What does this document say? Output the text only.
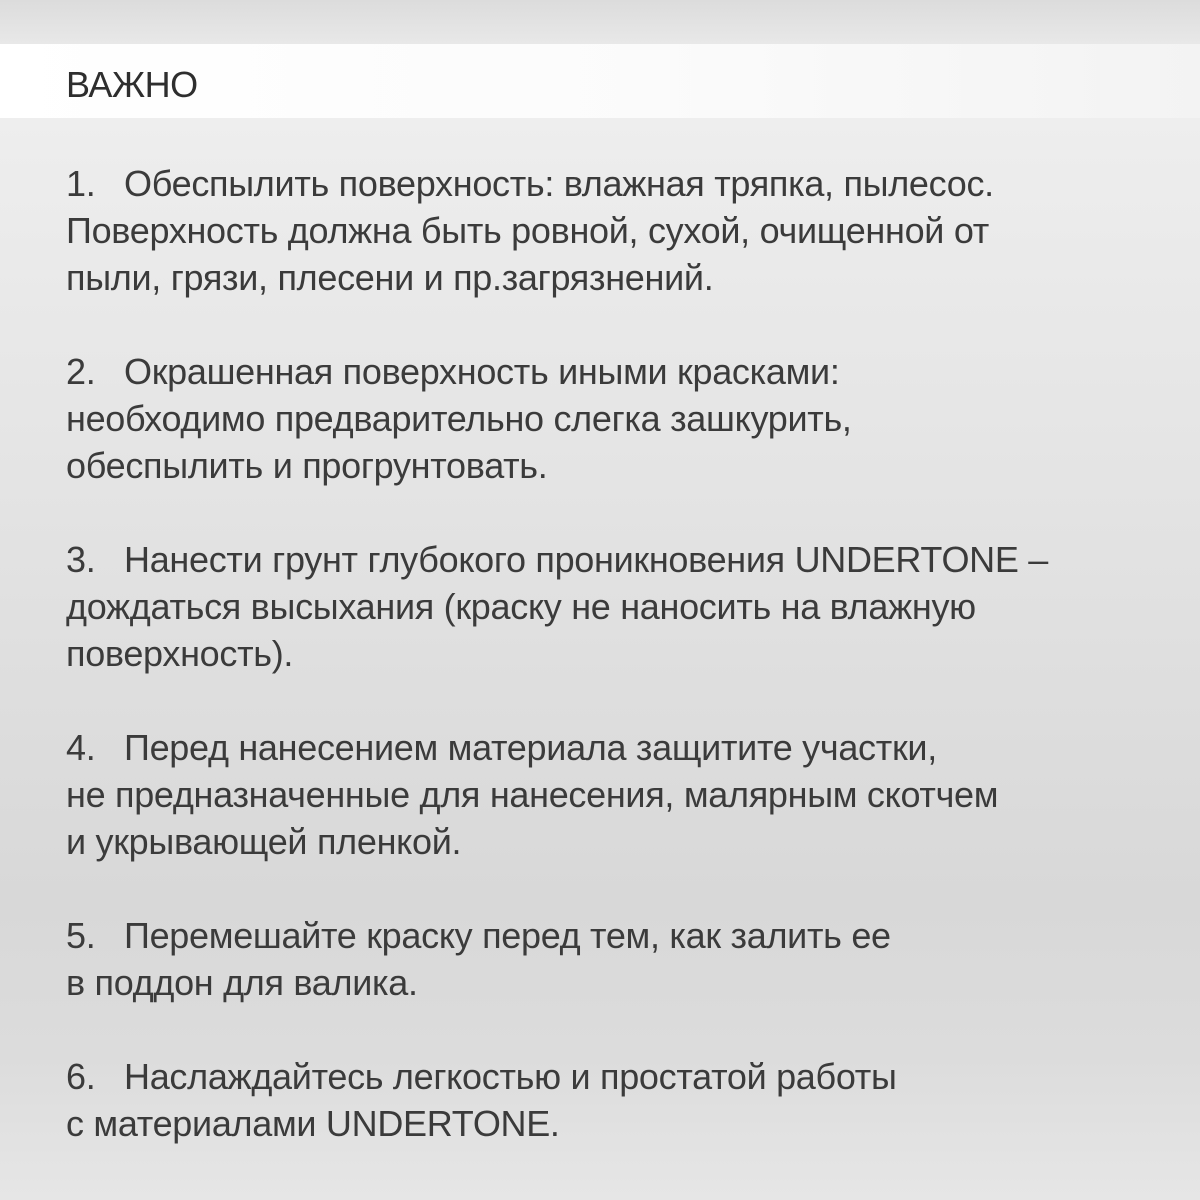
ВАЖНО
1. Обеспылить поверхность: влажная тряпка, пылесос.
Поверхность должна быть ровной, сухой, очищенной от
пыли, грязи, плесени и пр.загрязнений.
2. Окрашенная поверхность иными красками:
необходимо предварительно слегка зашкурить,
обеспылить и прогрунтовать.
3. Нанести грунт глубокого проникновения UNDERTONE –
дождаться высыхания (краску не наносить на влажную
поверхность).
4. Перед нанесением материала защитите участки,
не предназначенные для нанесения, малярным скотчем
и укрывающей пленкой.
5. Перемешайте краску перед тем, как залить ее
в поддон для валика.
6. Наслаждайтесь легкостью и простатой работы
с материалами UNDERTONE.
